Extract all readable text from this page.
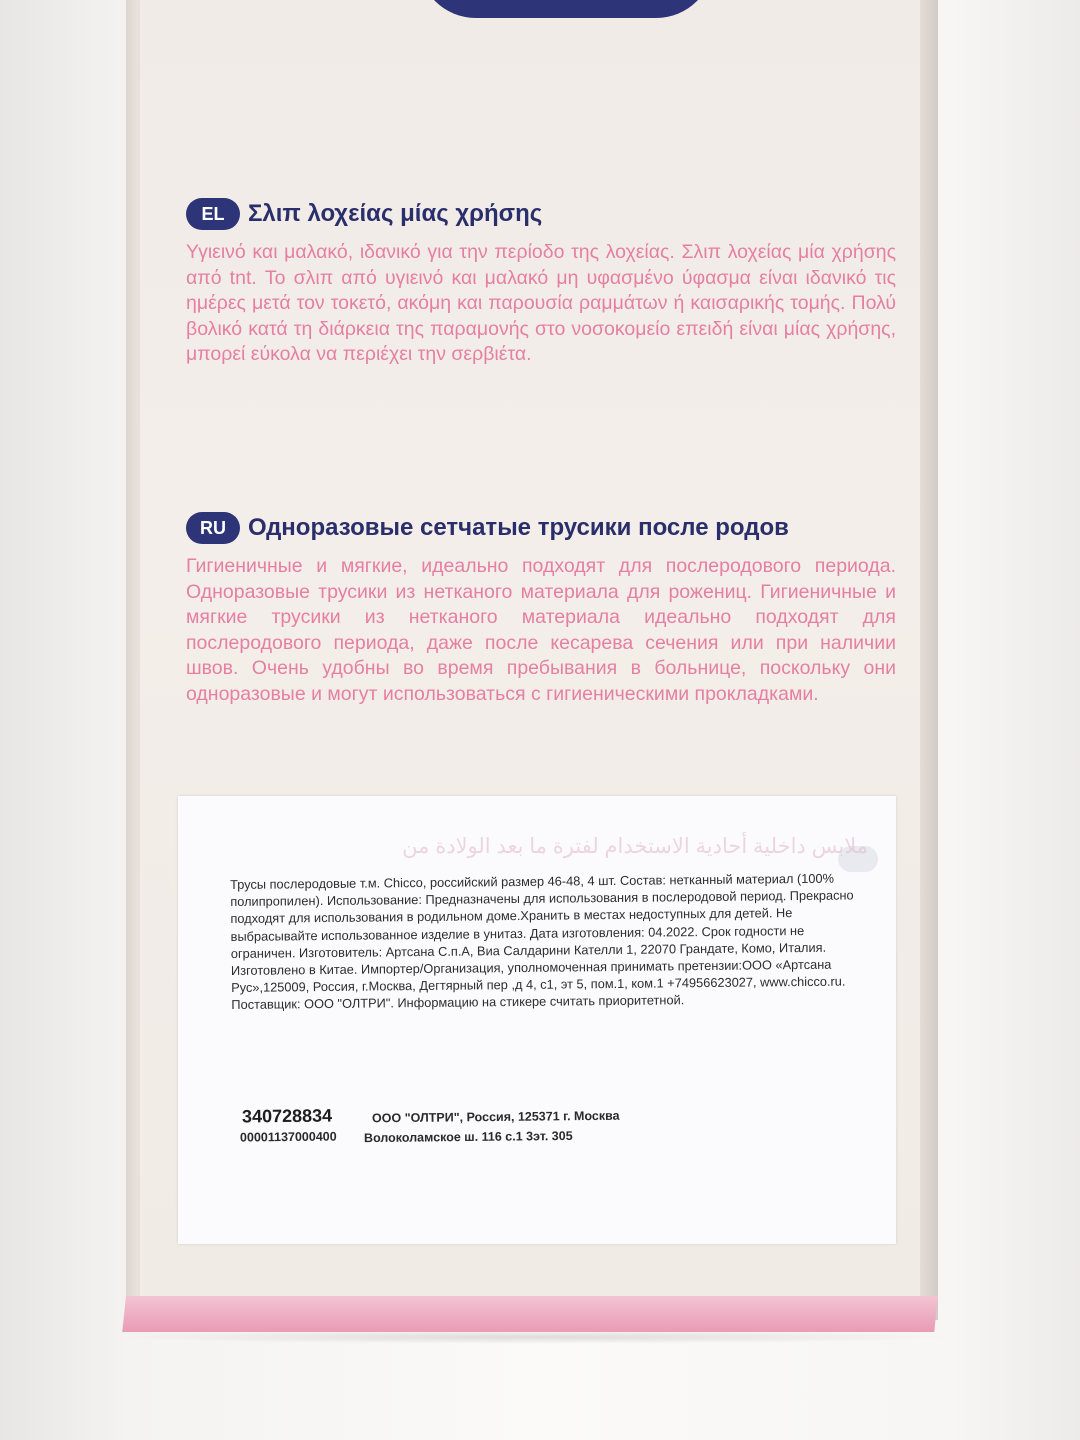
EL Σλιπ λοχείας μίας χρήσης
Υγιεινό και μαλακό, ιδανικό για την περίοδο της λοχείας. Σλιπ λοχείας μία χρήσης από tnt. Το σλιπ από υγιεινό και μαλακό μη υφασμένο ύφασμα είναι ιδανικό τις ημέρες μετά τον τοκετό, ακόμη και παρουσία ραμμάτων ή καισαρικής τομής. Πολύ βολικό κατά τη διάρκεια της παραμονής στο νοσοκομείο επειδή είναι μίας χρήσης, μπορεί εύκολα να περιέχει την σερβιέτα.
RU Одноразовые сетчатые трусики после родов
Гигиеничные и мягкие, идеально подходят для послеродового периода. Одноразовые трусики из нетканого материала для рожениц. Гигиеничные и мягкие трусики из нетканого материала идеально подходят для послеродового периода, даже после кесарева сечения или при наличии швов. Очень удобны во время пребывания в больнице, поскольку они одноразовые и могут использоваться с гигиеническими прокладками.
ملابس داخلية أحادية الاستخدام لفترة ما بعد الولادة من
Трусы послеродовые т.м. Chicco, российский размер 46-48, 4 шт. Состав: нетканный материал (100% полипропилен). Использование: Предназначены для использования в послеродовой период. Прекрасно подходят для использования в родильном доме.Хранить в местах недоступных для детей. Не выбрасывайте использованное изделие в унитаз. Дата изготовления: 04.2022. Срок годности не ограничен. Изготовитель: Артсана С.п.А, Виа Салдарини Кателли 1, 22070 Грандате, Комо, Италия. Изготовлено в Китае. Импортер/Организация, уполномоченная принимать претензии:ООО «Артсана Рус»,125009, Россия, г.Москва, Дегтярный пер ,д 4, с1, эт 5, пом.1, ком.1 +74956623027, www.chicco.ru. Поставщик: ООО "ОЛТРИ". Информацию на стикере считать приоритетной.
340728834
00001137000400
ООО "ОЛТРИ", Россия, 125371 г. Москва
Волоколамское ш. 116 с.1 3эт. 305
